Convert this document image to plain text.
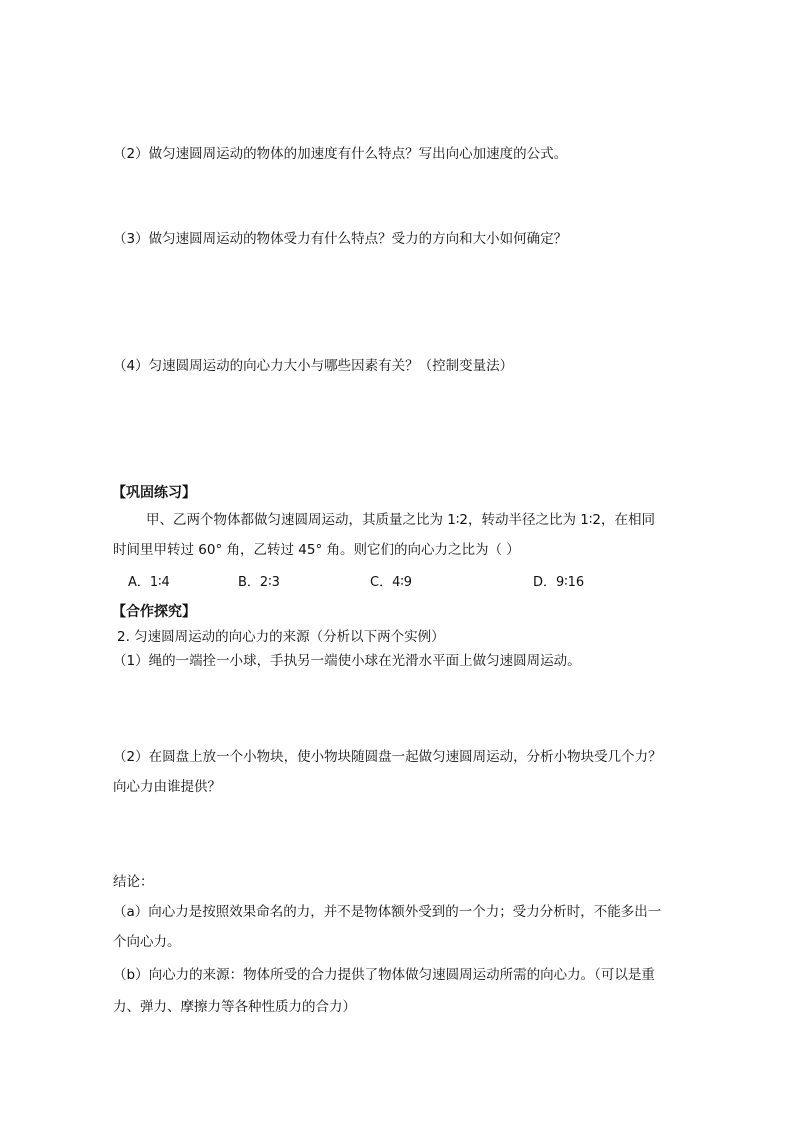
（2）做匀速圆周运动的物体的加速度有什么特点？写出向心加速度的公式。
（3）做匀速圆周运动的物体受力有什么特点？受力的方向和大小如何确定？
（4）匀速圆周运动的向心力大小与哪些因素有关？（控制变量法）
【巩固练习】
甲、乙两个物体都做匀速圆周运动，其质量之比为 1∶2，转动半径之比为 1∶2，在相同
时间里甲转过 60° 角，乙转过 45° 角。则它们的向心力之比为（ ）
A．1∶4	B．2∶3	C．4∶9	D．9∶16
【合作探究】
2. 匀速圆周运动的向心力的来源（分析以下两个实例）
（1）绳的一端拴一小球，手执另一端使小球在光滑水平面上做匀速圆周运动。
（2）在圆盘上放一个小物块，使小物块随圆盘一起做匀速圆周运动，分析小物块受几个力？
向心力由谁提供？
结论：
（a）向心力是按照效果命名的力，并不是物体额外受到的一个力；受力分析时，不能多出一
个向心力。
（b）向心力的来源：物体所受的合力提供了物体做匀速圆周运动所需的向心力。（可以是重
力、弹力、摩擦力等各种性质力的合力）
